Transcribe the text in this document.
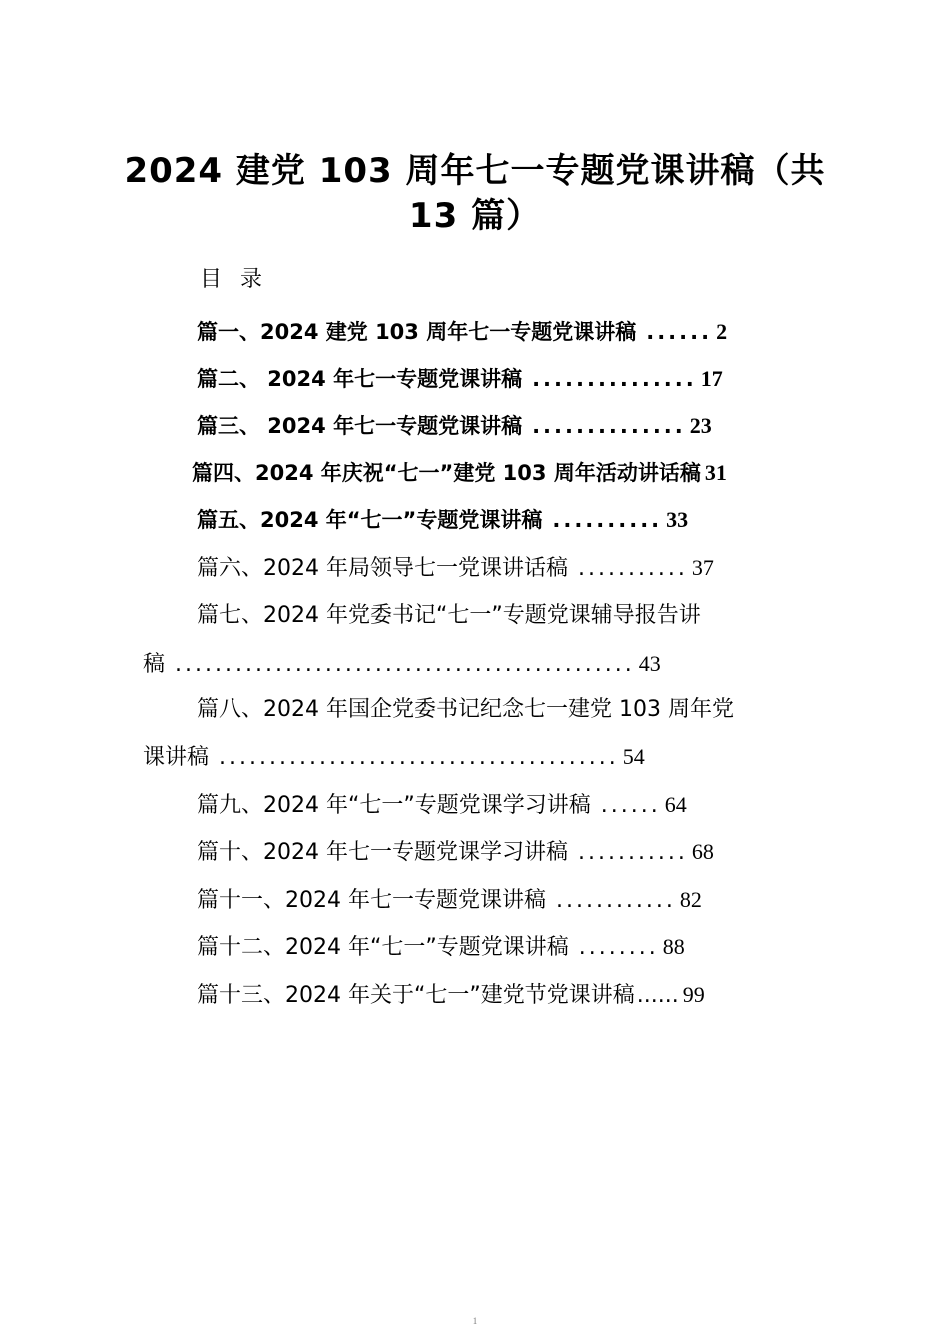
2024 建党 103 周年七一专题党课讲稿（共
13 篇）
目录
篇一、2024 建党 103 周年七一专题党课讲稿 ...... 2
篇二、 2024 年七一专题党课讲稿 ............... 17
篇三、 2024 年七一专题党课讲稿 .............. 23
篇四、2024 年庆祝“七一”建党 103 周年活动讲话稿 31
篇五、2024 年“七一”专题党课讲稿 .......... 33
篇六、2024 年局领导七一党课讲话稿 ........... 37
篇七、2024 年党委书记“七一”专题党课辅导报告讲
稿 .............................................. 43
篇八、2024 年国企党委书记纪念七一建党 103 周年党
课讲稿 ........................................ 54
篇九、2024 年“七一”专题党课学习讲稿 ...... 64
篇十、2024 年七一专题党课学习讲稿 ........... 68
篇十一、2024 年七一专题党课讲稿 ............ 82
篇十二、2024 年“七一”专题党课讲稿 ........ 88
篇十三、2024 年关于“七一”建党节党课讲稿 ...... 99
1
